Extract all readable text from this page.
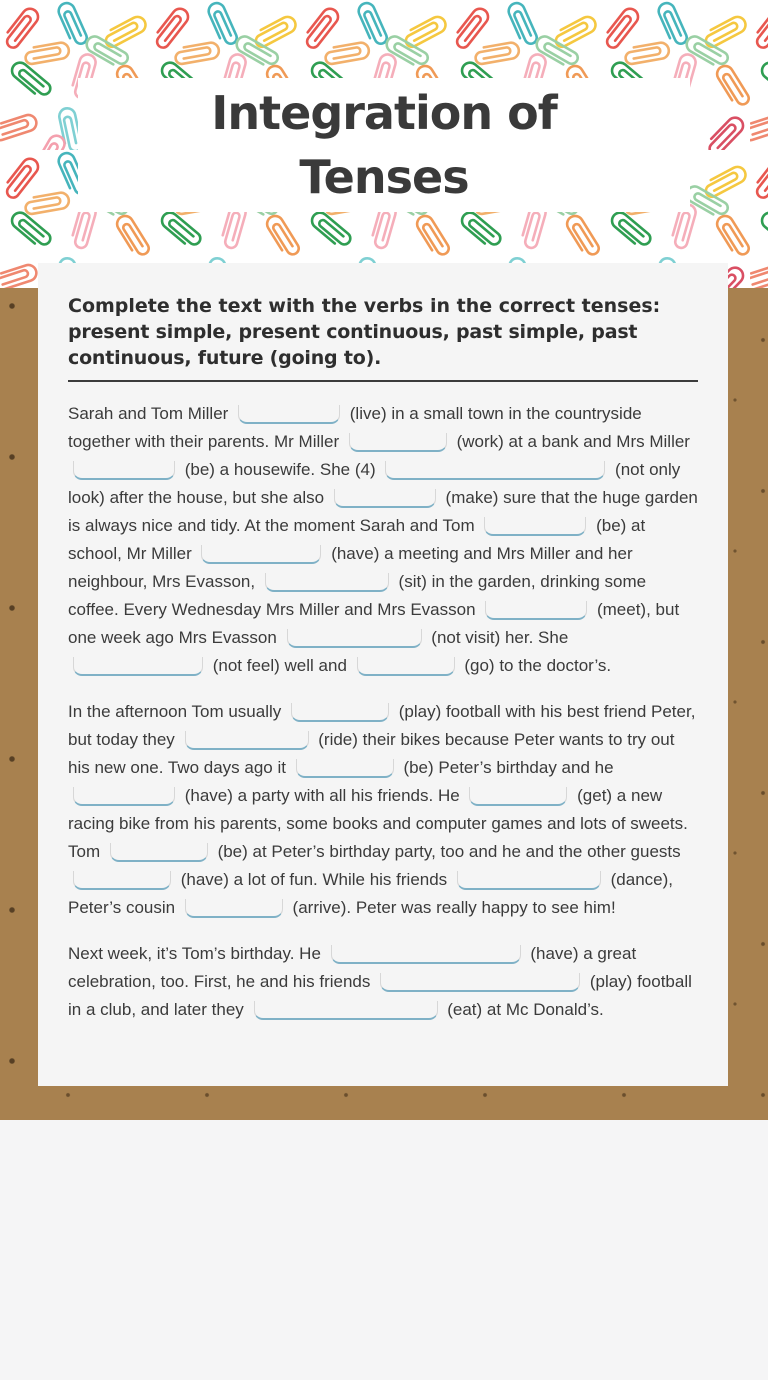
Integration of
Tenses

Complete the text with the verbs in the correct tenses: present simple, present continuous, past simple, past continuous, future (going to).

Sarah and Tom Miller	(live) in a small town in the countryside together with their parents. Mr Miller	(work) at a bank and Mrs Miller  (be) a housewife. She (4)	(not only look) after the house, but she also	(make) sure that the huge garden is always nice and tidy. At the moment Sarah and Tom	(be) at school, Mr Miller	(have) a meeting and Mrs Miller and her neighbour, Mrs Evasson,	(sit) in the garden, drinking some coffee. Every Wednesday Mrs Miller and Mrs Evasson	(meet), but one week ago Mrs Evasson	(not visit) her. She  (not feel) well and	(go) to the doctor’s.

In the afternoon Tom usually	(play) football with his best friend Peter, but today they	(ride) their bikes because Peter wants to try out his new one. Two days ago it	(be) Peter’s birthday and he  (have) a party with all his friends. He	(get) a new racing bike from his parents, some books and computer games and lots of sweets. Tom	(be) at Peter’s birthday party, too and he and the other guests  (have) a lot of fun. While his friends	(dance), Peter’s cousin	(arrive). Peter was really happy to see him!

Next week, it’s Tom’s birthday. He	(have) a great celebration, too. First, he and his friends	(play) football in a club, and later they	(eat) at Mc Donald’s.
